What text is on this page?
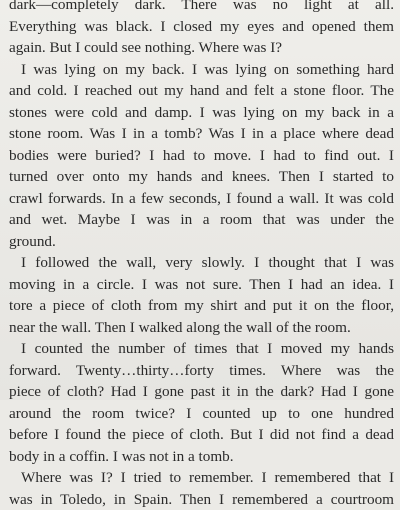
dark—completely dark. There was no light at all.
Everything was black. I closed my eyes and opened them
again. But I could see nothing. Where was I?
I was lying on my back. I was lying on something hard
and cold. I reached out my hand and felt a stone floor. The
stones were cold and damp. I was lying on my back in a
stone room. Was I in a tomb? Was I in a place where dead
bodies were buried? I had to move. I had to find out. I
turned over onto my hands and knees. Then I started to
crawl forwards. In a few seconds, I found a wall. It was cold
and wet. Maybe I was in a room that was under the
ground.
I followed the wall, very slowly. I thought that I was
moving in a circle. I was not sure. Then I had an idea. I
tore a piece of cloth from my shirt and put it on the floor,
near the wall. Then I walked along the wall of the room.
I counted the number of times that I moved my hands
forward. Twenty…thirty…forty times. Where was the
piece of cloth? Had I gone past it in the dark? Had I gone
around the room twice? I counted up to one hundred
before I found the piece of cloth. But I did not find a dead
body in a coffin. I was not in a tomb.
Where was I? I tried to remember. I remembered that I
was in Toledo, in Spain. Then I remembered a courtroom
